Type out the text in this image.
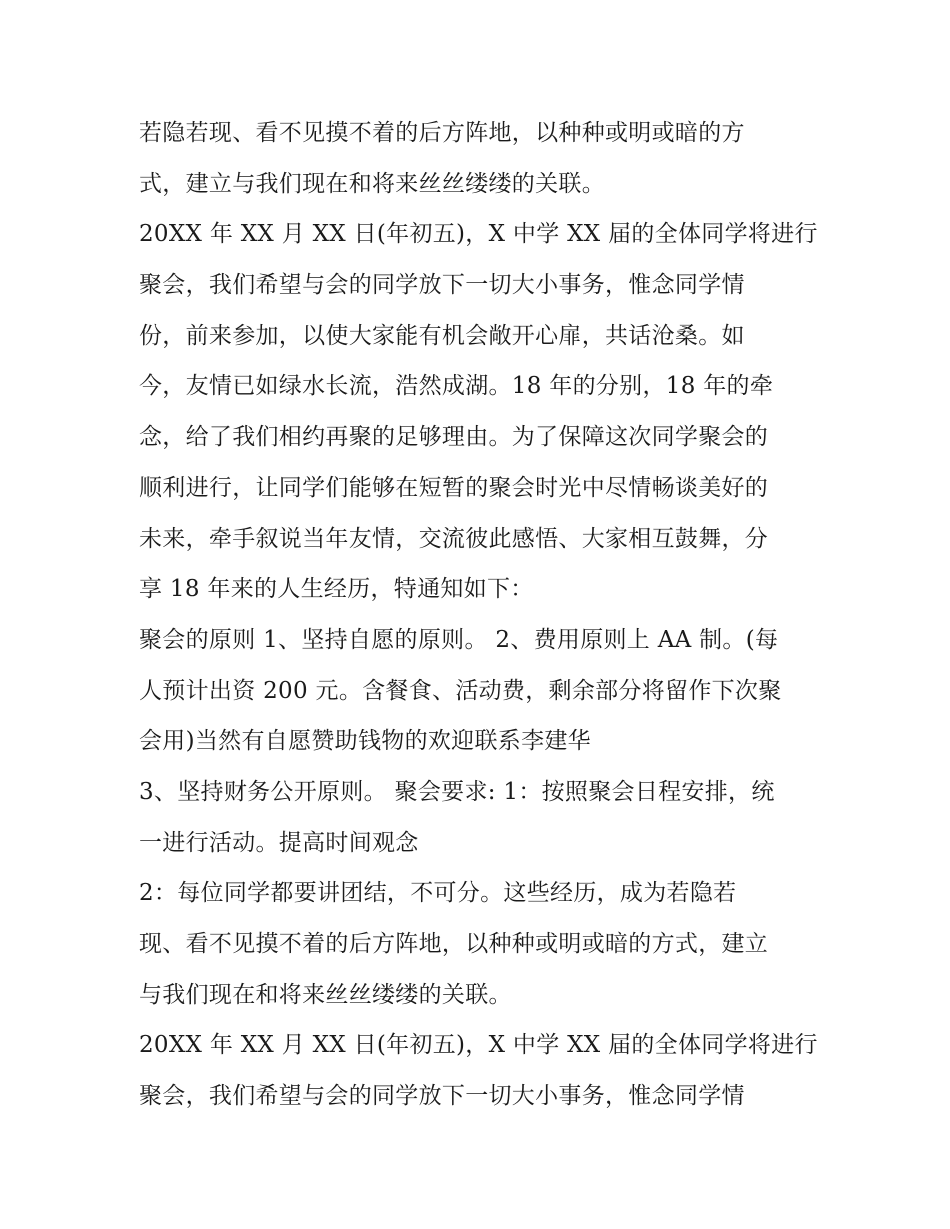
若隐若现、看不见摸不着的后方阵地，以种种或明或暗的方
式，建立与我们现在和将来丝丝缕缕的关联。
20XX 年 XX 月 XX 日(年初五)，X 中学 XX 届的全体同学将进行
聚会，我们希望与会的同学放下一切大小事务，惟念同学情
份，前来参加，以使大家能有机会敞开心扉，共话沧桑。如
今，友情已如绿水长流，浩然成湖。18 年的分别，18 年的牵
念，给了我们相约再聚的足够理由。为了保障这次同学聚会的
顺利进行，让同学们能够在短暂的聚会时光中尽情畅谈美好的
未来，牵手叙说当年友情，交流彼此感悟、大家相互鼓舞，分
享 18 年来的人生经历，特通知如下：
聚会的原则 1、坚持自愿的原则。 2、费用原则上 AA 制。(每
人预计出资 200 元。含餐食、活动费，剩余部分将留作下次聚
会用)当然有自愿赞助钱物的欢迎联系李建华
3、坚持财务公开原则。 聚会要求: 1：按照聚会日程安排，统
一进行活动。提高时间观念
2：每位同学都要讲团结，不可分。这些经历，成为若隐若
现、看不见摸不着的后方阵地，以种种或明或暗的方式，建立
与我们现在和将来丝丝缕缕的关联。
20XX 年 XX 月 XX 日(年初五)，X 中学 XX 届的全体同学将进行
聚会，我们希望与会的同学放下一切大小事务，惟念同学情
